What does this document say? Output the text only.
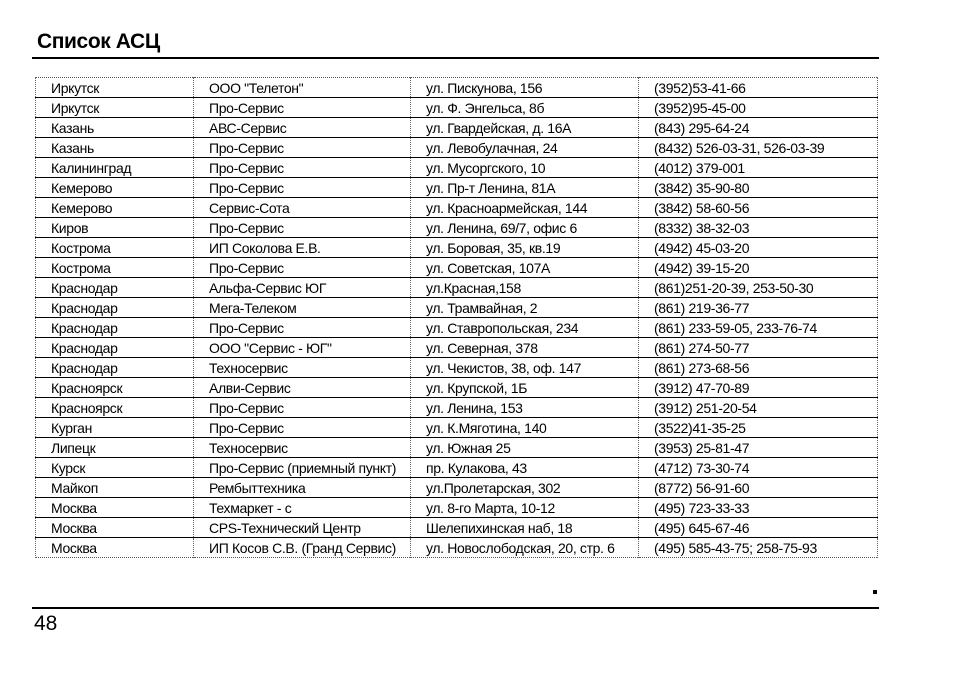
Список АСЦ
Иркутск	ООО "Телетон"	ул. Пискунова, 156	(3952)53-41-66
Иркутск	Про-Сервис	ул. Ф. Энгельса, 8б	(3952)95-45-00
Казань	АВС-Сервис	ул. Гвардейская, д. 16А	(843) 295-64-24
Казань	Про-Сервис	ул. Левобулачная, 24	(8432) 526-03-31, 526-03-39
Калининград	Про-Сервис	ул. Мусоргского, 10	(4012) 379-001
Кемерово	Про-Сервис	ул. Пр-т Ленина, 81А	(3842) 35-90-80
Кемерово	Сервис-Сота	ул. Красноармейская, 144	(3842) 58-60-56
Киров	Про-Сервис	ул. Ленина, 69/7, офис 6	(8332) 38-32-03
Кострома	ИП Соколова Е.В.	ул. Боровая, 35, кв.19	(4942) 45-03-20
Кострома	Про-Сервис	ул. Советская, 107А	(4942) 39-15-20
Краснодар	Альфа-Сервис ЮГ	ул.Красная,158	(861)251-20-39, 253-50-30
Краснодар	Мега-Телеком	ул. Трамвайная, 2	(861) 219-36-77
Краснодар	Про-Сервис	ул. Ставропольская, 234	(861) 233-59-05, 233-76-74
Краснодар	ООО "Сервис - ЮГ"	ул. Северная, 378	(861) 274-50-77
Краснодар	Техносервис	ул. Чекистов, 38, оф. 147	(861) 273-68-56
Красноярск	Алви-Сервис	ул. Крупской, 1Б	(3912) 47-70-89
Красноярск	Про-Сервис	ул. Ленина, 153	(3912) 251-20-54
Курган	Про-Сервис	ул. К.Мяготина, 140	(3522)41-35-25
Липецк	Техносервис	ул. Южная 25	(3953) 25-81-47
Курск	Про-Сервис (приемный пункт)	пр. Кулакова, 43	(4712) 73-30-74
Майкоп	Рембыттехника	ул.Пролетарская, 302	(8772) 56-91-60
Москва	Техмаркет - с	ул. 8-го Марта, 10-12	(495) 723-33-33
Москва	CPS-Технический Центр	Шелепихинская наб, 18	(495) 645-67-46
Москва	ИП Косов С.В. (Гранд Сервис)	ул. Новослободская, 20, стр. 6	(495) 585-43-75; 258-75-93
48
